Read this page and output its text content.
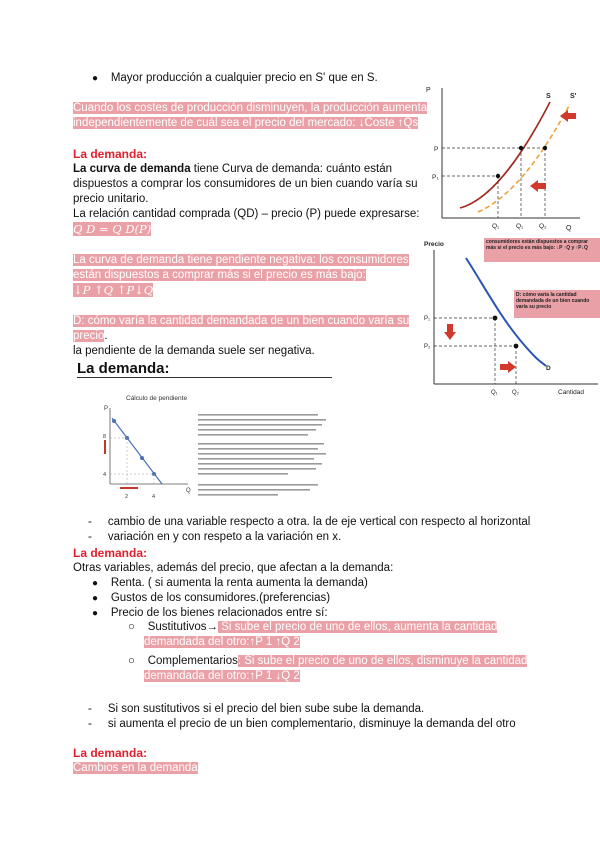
● Mayor producción a cualquier precio en S' que en S.
Cuando los costes de producción disminuyen, la producción aumenta
independientemente de cuál sea el precio del mercado: ↓Coste ↑Qs
La demanda:
La curva de demanda tiene Curva de demanda: cuánto están
dispuestos a comprar los consumidores de un bien cuando varía su
precio unitario.
La relación cantidad comprada (QD) – precio (P) puede expresarse:
Q D = Q D(P)
La curva de demanda tiene pendiente negativa: los consumidores
están dispuestos a comprar más si el precio es más bajo:
↓P ↑Q ↑P↓Q
D: cómo varía la cantidad demandada de un bien cuando varía su
precio.
la pendiente de la demanda suele ser negativa.
La demanda:
Cálculo de pendiente
P
Q
8
4
2	4
-     cambio de una variable respecto a otra. la de eje vertical con respecto al horizontal
-     variación en y con respeto a la variación en x.
La demanda:
Otras variables, además del precio, que afectan a la demanda:
● Renta. ( si aumenta la renta aumenta la demanda)
● Gustos de los consumidores.(preferencias)
● Precio de los bienes relacionados entre sí:
○ Sustitutivos→ Si sube el precio de uno de ellos, aumenta la cantidad
demandada del otro:↑P 1 ↑Q 2
○ Complementarios: Si sube el precio de uno de ellos, disminuye la cantidad
demandada del otro:↑P 1 ↓Q 2
-     Si son sustitutivos si el precio del bien sube sube la demanda.
-     si aumenta el precio de un bien complementario, disminuye la demanda del otro
La demanda:
Cambios en la demanda
P
Q
S	S'
P
P₁
Q₁	Q₁ Q₂
Precio
Cantidad
D
P₁
P₂
Q₁ Q₂
consumidores están dispuestos a comprar más si el precio es más bajo: ↓P ↑Q y ↑P↓Q
D: cómo varía la cantidad demandada de un bien cuando varía su precio
